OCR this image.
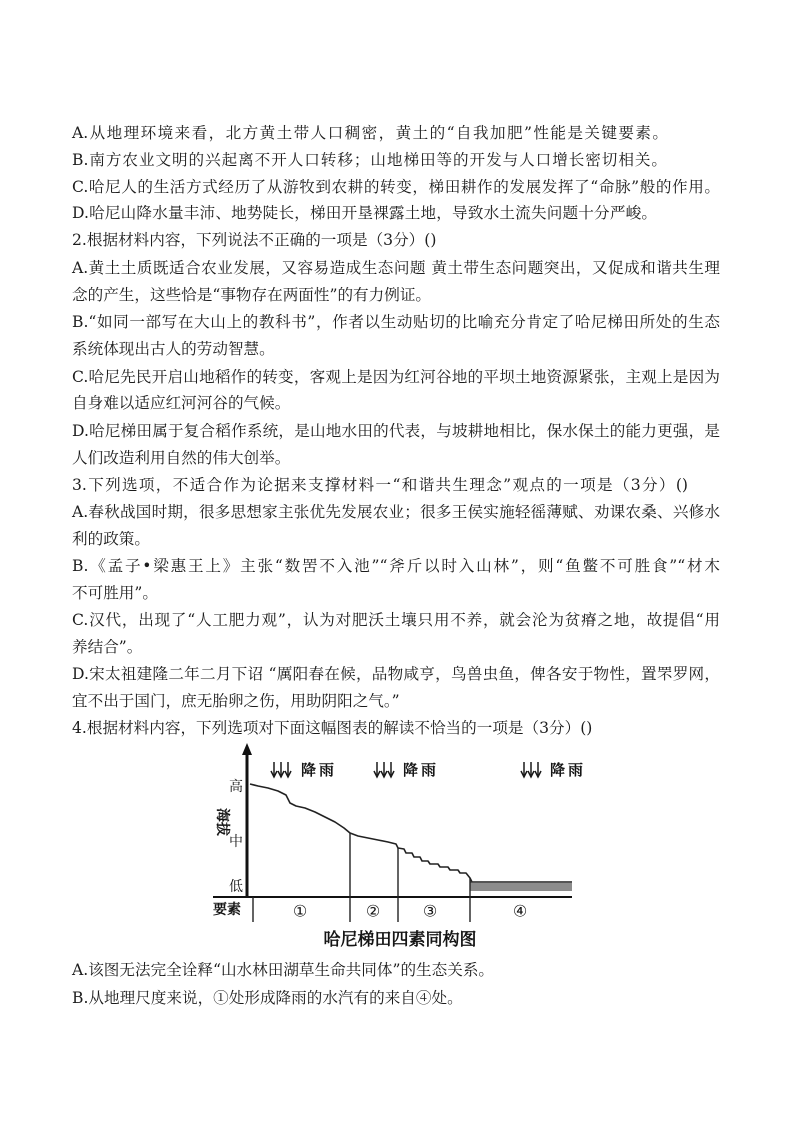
A.从地理环境来看，北方黄土带人口稠密，黄土的“自我加肥”性能是关键要素。
B.南方农业文明的兴起离不开人口转移；山地梯田等的开发与人口增长密切相关。
C.哈尼人的生活方式经历了从游牧到农耕的转变，梯田耕作的发展发挥了“命脉”般的作用。
D.哈尼山降水量丰沛、地势陡长，梯田开垦裸露土地，导致水土流失问题十分严峻。
2.根据材料内容，下列说法不正确的一项是（3分）()
A.黄土土质既适合农业发展，又容易造成生态问题 黄土带生态问题突出，又促成和谐共生理
念的产生，这些恰是“事物存在两面性”的有力例证。
B.“如同一部写在大山上的教科书”，作者以生动贴切的比喻充分肯定了哈尼梯田所处的生态
系统体现出古人的劳动智慧。
C.哈尼先民开启山地稻作的转变，客观上是因为红河谷地的平坝土地资源紧张，主观上是因为
自身难以适应红河河谷的气候。
D.哈尼梯田属于复合稻作系统，是山地水田的代表，与坡耕地相比，保水保土的能力更强，是
人们改造利用自然的伟大创举。
3.下列选项，不适合作为论据来支撑材料一“和谐共生理念”观点的一项是（3分）()
A.春秋战国时期，很多思想家主张优先发展农业；很多王侯实施轻徭薄赋、劝课农桑、兴修水
利的政策。
B.《孟子•梁惠王上》主张“数罟不入池”“斧斤以时入山林”，则“鱼鳖不可胜食”“材木
不可胜用”。
C.汉代，出现了“人工肥力观”，认为对肥沃土壤只用不养，就会沦为贫瘠之地，故提倡“用
养结合”。
D.宋太祖建隆二年二月下诏 “厲阳春在候，品物咸亨，鸟兽虫鱼，俾各安于物性，置罘罗网，
宜不出于国门，庶无胎卵之伤，用助阴阳之气。”
4.根据材料内容，下列选项对下面这幅图表的解读不恰当的一项是（3分）()
降雨	降雨	降雨
海拔
高
中
低
要素	①	②	③	④
哈尼梯田四素同构图
A.该图无法完全诠释“山水林田湖草生命共同体”的生态关系。
B.从地理尺度来说，①处形成降雨的水汽有的来自④处。
